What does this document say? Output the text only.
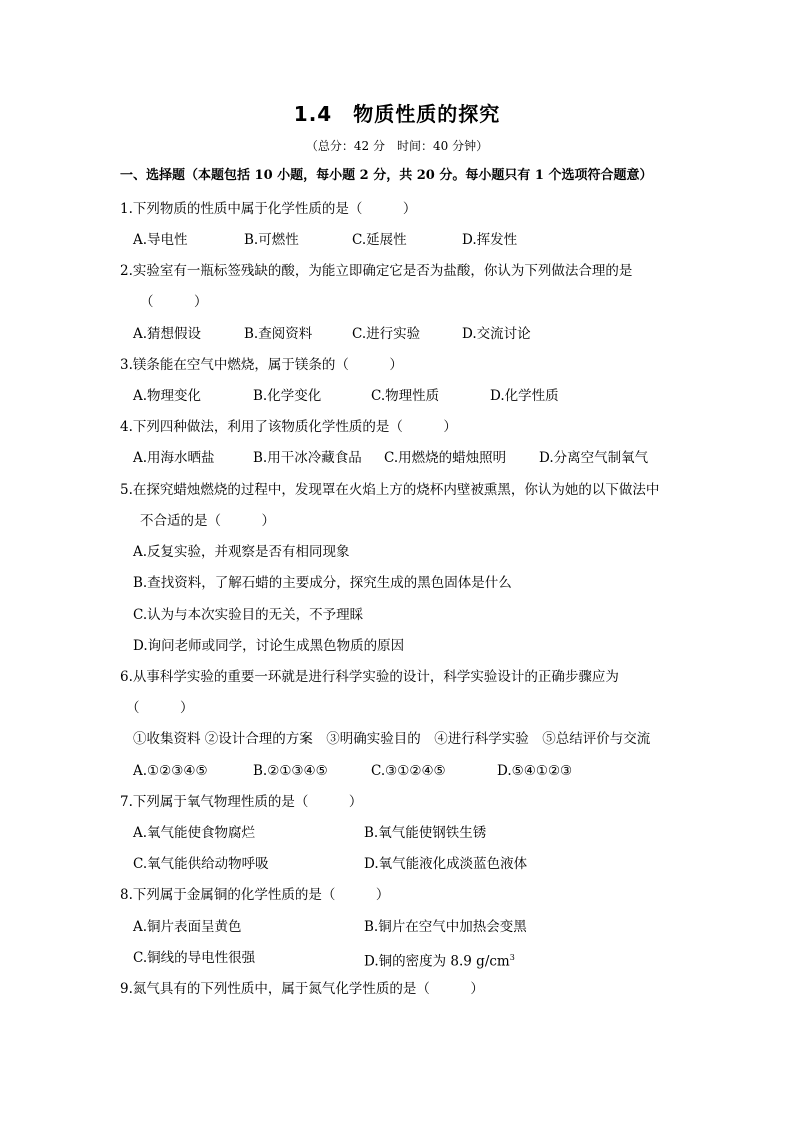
1.4　物质性质的探究
（总分：42 分　时间：40 分钟）
一、选择题（本题包括 10 小题，每小题 2 分，共 20 分。每小题只有 1 个选项符合题意）
1.下列物质的性质中属于化学性质的是（　　　）
A.导电性	B.可燃性	C.延展性	D.挥发性
2.实验室有一瓶标签残缺的酸，为能立即确定它是否为盐酸，你认为下列做法合理的是
（　　　）
A.猜想假设	B.查阅资料	C.进行实验	D.交流讨论
3.镁条能在空气中燃烧，属于镁条的（　　　）
A.物理变化	B.化学变化	C.物理性质	D.化学性质
4.下列四种做法，利用了该物质化学性质的是（　　　）
A.用海水晒盐	B.用干冰冷藏食品 C.用燃烧的蜡烛照明 D.分离空气制氧气
5.在探究蜡烛燃烧的过程中，发现罩在火焰上方的烧杯内壁被熏黑，你认为她的以下做法中
不合适的是（　　　）
A.反复实验，并观察是否有相同现象
B.查找资料，了解石蜡的主要成分，探究生成的黑色固体是什么
C.认为与本次实验目的无关，不予理睬
D.询问老师或同学，讨论生成黑色物质的原因
6.从事科学实验的重要一环就是进行科学实验的设计，科学实验设计的正确步骤应为
（　　　）
①收集资料 ②设计合理的方案　③明确实验目的　④进行科学实验　⑤总结评价与交流
A.①②③④⑤	B.②①③④⑤	C.③①②④⑤	D.⑤④①②③
7.下列属于氧气物理性质的是（　　　）
A.氧气能使食物腐烂	B.氧气能使钢铁生锈
C.氧气能供给动物呼吸	D.氧气能液化成淡蓝色液体
8.下列属于金属铜的化学性质的是（　　　）
A.铜片表面呈黄色	B.铜片在空气中加热会变黑
C.铜线的导电性很强	D.铜的密度为 8.9 $g/cm^3$
9.氮气具有的下列性质中，属于氮气化学性质的是（　　　）
